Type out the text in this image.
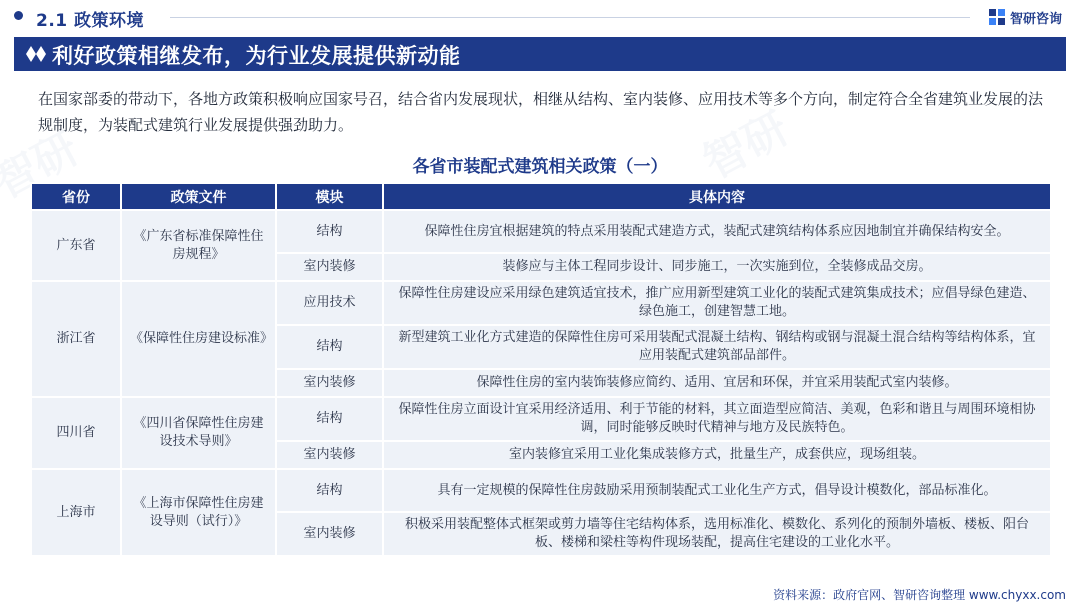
2.1 政策环境	智研咨询
利好政策相继发布，为行业发展提供新动能
在国家部委的带动下，各地方政策积极响应国家号召，结合省内发展现状，相继从结构、室内装修、应用技术等多个方向，制定符合全省建筑业发展的法规制度，为装配式建筑行业发展提供强劲助力。
各省市装配式建筑相关政策（一）
省份	政策文件	模块	具体内容
广东省	《广东省标准保障性住房规程》	结构	保障性住房宜根据建筑的特点采用装配式建造方式，装配式建筑结构体系应因地制宜并确保结构安全。
		室内装修	装修应与主体工程同步设计、同步施工，一次实施到位，全装修成品交房。
浙江省	《保障性住房建设标准》	应用技术	保障性住房建设应采用绿色建筑适宜技术，推广应用新型建筑工业化的装配式建筑集成技术；应倡导绿色建造、绿色施工，创建智慧工地。
		结构	新型建筑工业化方式建造的保障性住房可采用装配式混凝土结构、钢结构或钢与混凝土混合结构等结构体系，宜应用装配式建筑部品部件。
		室内装修	保障性住房的室内装饰装修应简约、适用、宜居和环保，并宜采用装配式室内装修。
四川省	《四川省保障性住房建设技术导则》	结构	保障性住房立面设计宜采用经济适用、利于节能的材料，其立面造型应简洁、美观，色彩和谐且与周围环境相协调，同时能够反映时代精神与地方及民族特色。
		室内装修	室内装修宜采用工业化集成装修方式，批量生产，成套供应，现场组装。
上海市	《上海市保障性住房建设导则（试行）》	结构	具有一定规模的保障性住房鼓励采用预制装配式工业化生产方式，倡导设计模数化，部品标准化。
		室内装修	积极采用装配整体式框架或剪力墙等住宅结构体系，选用标准化、模数化、系列化的预制外墙板、楼板、阳台板、楼梯和梁柱等构件现场装配，提高住宅建设的工业化水平。
资料来源：政府官网、智研咨询整理 www.chyxx.com
